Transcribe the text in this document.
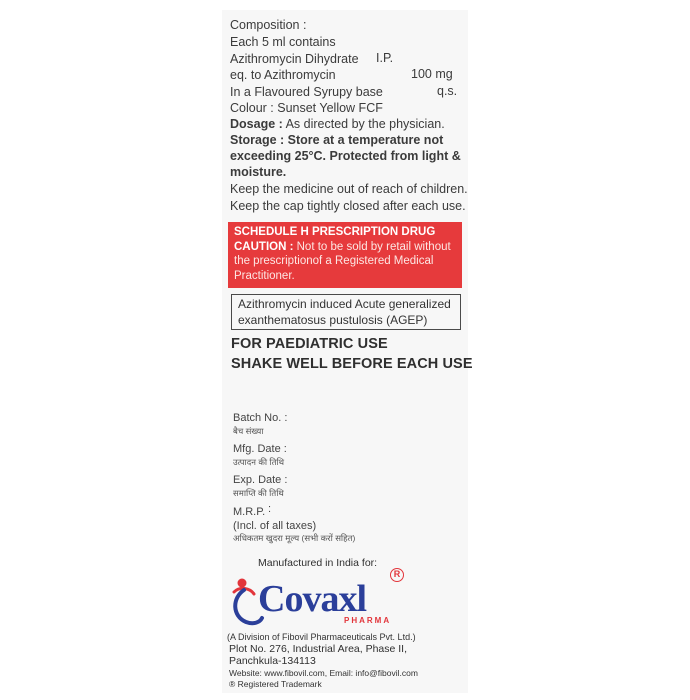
Composition :
Each 5 ml contains
Azithromycin Dihydrate I.P.
eq. to Azithromycin	100 mg
In a Flavoured Syrupy base	q.s.
Colour : Sunset Yellow FCF
Dosage : As directed by the physician.
Storage : Store at a temperature not
exceeding 25°C. Protected from light &
moisture.
Keep the medicine out of reach of children.
Keep the cap tightly closed after each use.
SCHEDULE H PRESCRIPTION DRUG
CAUTION : Not to be sold by retail without
the prescriptionof a Registered Medical
Practitioner.
Azithromycin induced Acute generalized
exanthematosus pustulosis (AGEP)
FOR PAEDIATRIC USE
SHAKE WELL BEFORE EACH USE
Batch No. :
बैच संख्या
Mfg. Date :
उत्पादन की तिथि
Exp. Date :
समाप्ति की तिथि
M.R.P. :
(Incl. of all taxes)
अधिकतम खुदरा मूल्य (सभी करों सहित)
Manufactured in India for:
Covaxl
PHARMA
R
(A Division of Fibovil Pharmaceuticals Pvt. Ltd.)
Plot No. 276, Industrial Area, Phase II,
Panchkula-134113
Website: www.fibovil.com, Email: info@fibovil.com
® Registered Trademark
